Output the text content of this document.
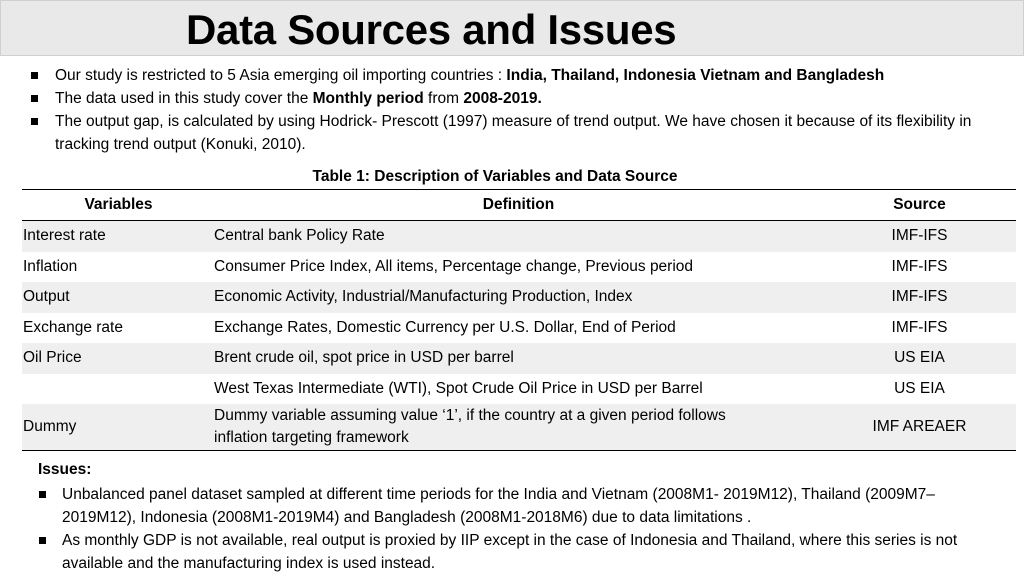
Data Sources and Issues
Our study is restricted to 5 Asia emerging oil importing countries : India, Thailand, Indonesia Vietnam and Bangladesh
The data used in this study cover the Monthly period from 2008-2019.
The output gap, is calculated by using Hodrick- Prescott (1997) measure of trend output. We have chosen it because of its flexibility in tracking trend output (Konuki, 2010).
Table 1: Description of Variables and Data Source
Variables	Definition	Source
Interest rate	Central bank Policy Rate	IMF-IFS
Inflation	Consumer Price Index, All items, Percentage change, Previous period	IMF-IFS
Output	Economic Activity, Industrial/Manufacturing Production, Index	IMF-IFS
Exchange rate	Exchange Rates, Domestic Currency per U.S. Dollar, End of Period	IMF-IFS
Oil Price	Brent crude oil, spot price in USD per barrel	US EIA
	West Texas Intermediate (WTI), Spot Crude Oil Price in USD per Barrel	US EIA
Dummy	Dummy variable assuming value ‘1’, if the country at a given period follows inflation targeting framework	IMF AREAER
Issues:
Unbalanced panel dataset sampled at different time periods for the India and Vietnam (2008M1- 2019M12), Thailand (2009M7–2019M12), Indonesia (2008M1-2019M4) and Bangladesh (2008M1-2018M6) due to data limitations .
As monthly GDP is not available, real output is proxied by IIP except in the case of Indonesia and Thailand, where this series is not available and the manufacturing index is used instead.
